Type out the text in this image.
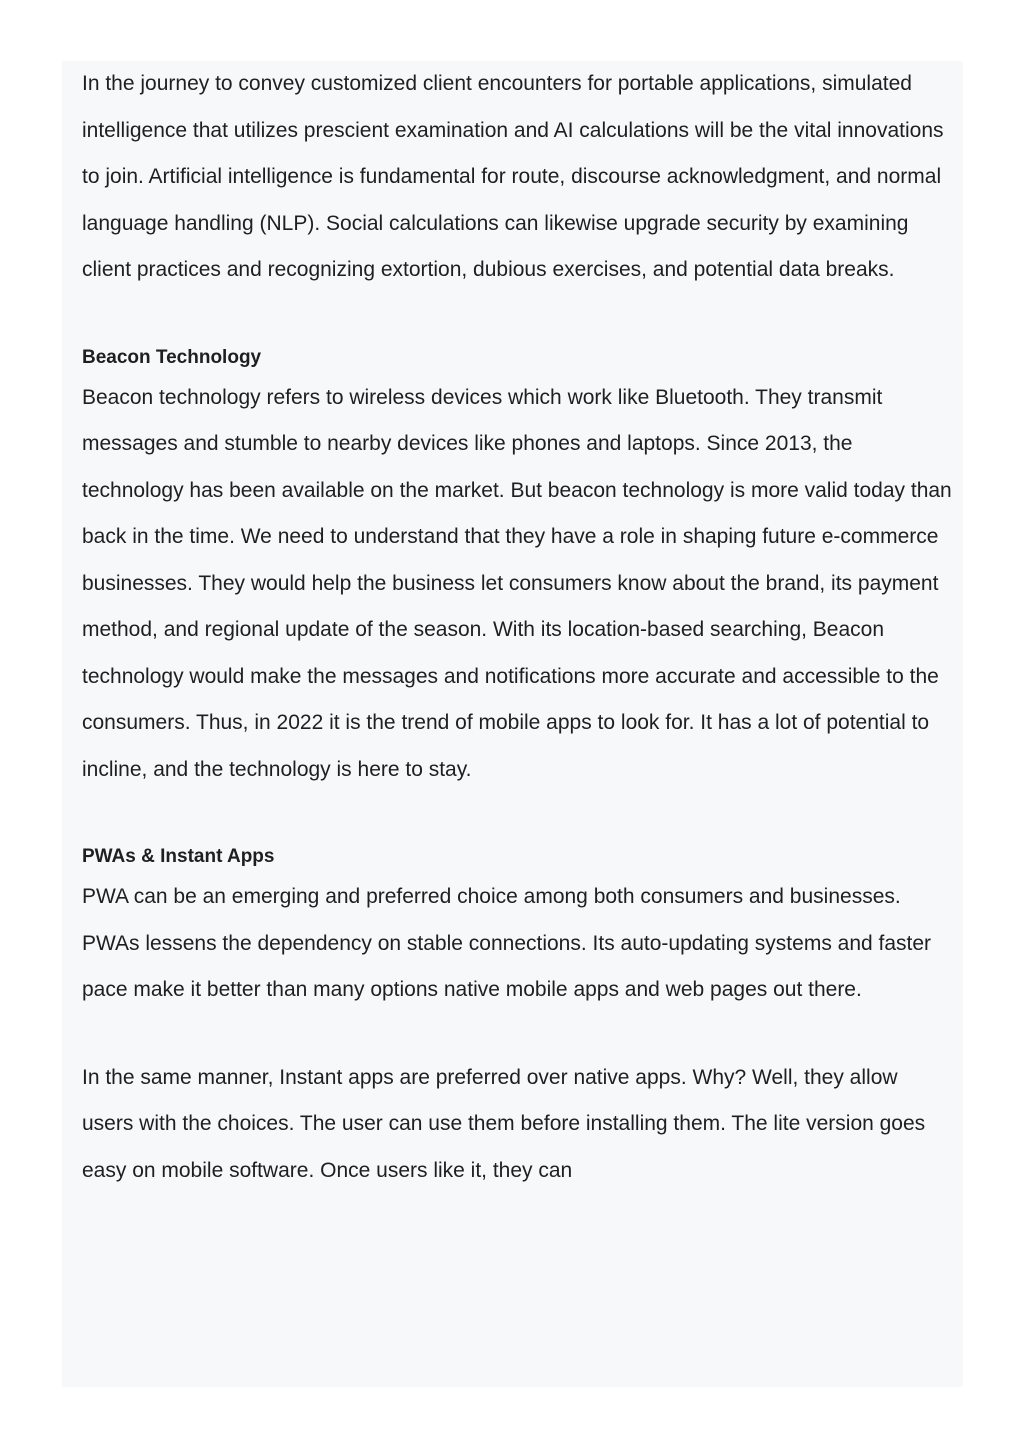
In the journey to convey customized client encounters for portable applications, simulated intelligence that utilizes prescient examination and AI calculations will be the vital innovations to join. Artificial intelligence is fundamental for route, discourse acknowledgment, and normal language handling (NLP). Social calculations can likewise upgrade security by examining client practices and recognizing extortion, dubious exercises, and potential data breaks.

Beacon Technology

Beacon technology refers to wireless devices which work like Bluetooth. They transmit messages and stumble to nearby devices like phones and laptops. Since 2013, the technology has been available on the market. But beacon technology is more valid today than back in the time. We need to understand that they have a role in shaping future e-commerce businesses. They would help the business let consumers know about the brand, its payment method, and regional update of the season. With its location-based searching, Beacon technology would make the messages and notifications more accurate and accessible to the consumers. Thus, in 2022 it is the trend of mobile apps to look for. It has a lot of potential to incline, and the technology is here to stay.

PWAs & Instant Apps

PWA can be an emerging and preferred choice among both consumers and businesses. PWAs lessens the dependency on stable connections. Its auto-updating systems and faster pace make it better than many options native mobile apps and web pages out there.

In the same manner, Instant apps are preferred over native apps. Why? Well, they allow users with the choices. The user can use them before installing them. The lite version goes easy on mobile software. Once users like it, they can
